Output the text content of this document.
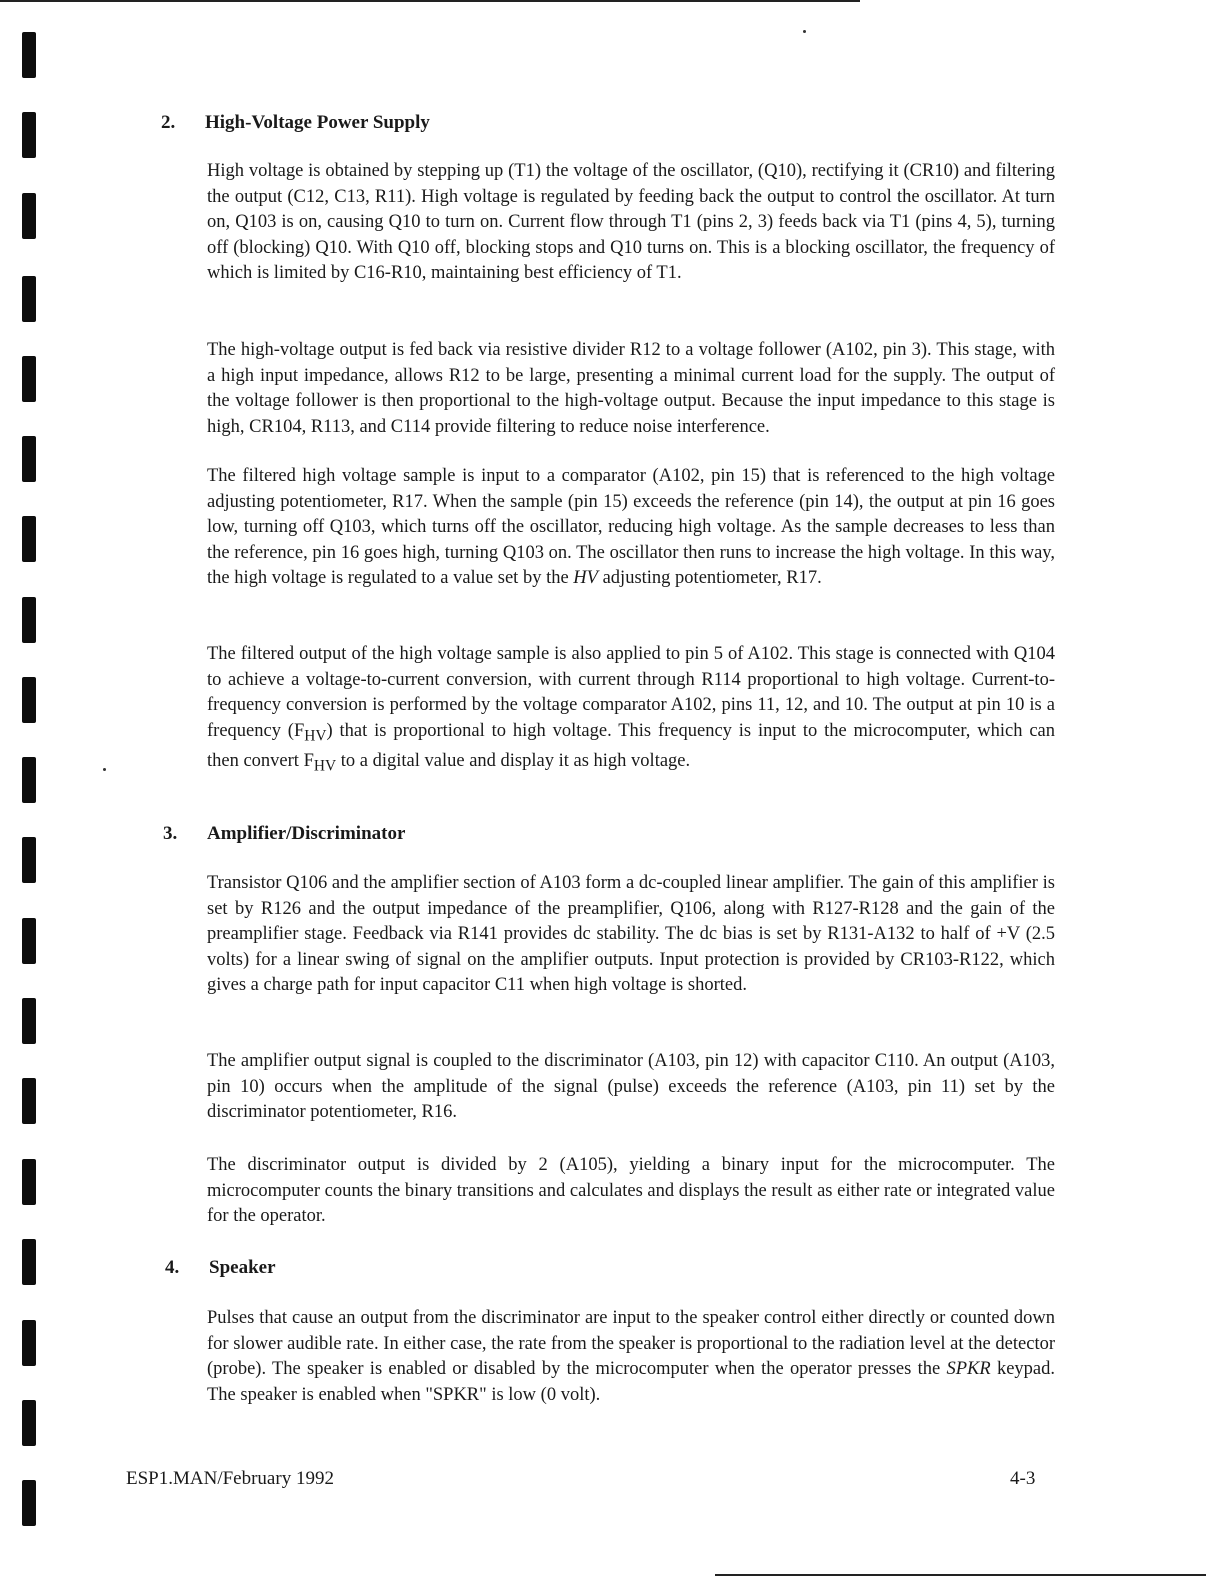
2. High-Voltage Power Supply

High voltage is obtained by stepping up (T1) the voltage of the oscillator, (Q10), rectifying it (CR10) and filtering the output (C12, C13, R11). High voltage is regulated by feeding back the output to control the oscillator. At turn on, Q103 is on, causing Q10 to turn on. Current flow through T1 (pins 2, 3) feeds back via T1 (pins 4, 5), turning off (blocking) Q10. With Q10 off, blocking stops and Q10 turns on. This is a blocking oscillator, the frequency of which is limited by C16-R10, maintaining best efficiency of T1.

The high-voltage output is fed back via resistive divider R12 to a voltage follower (A102, pin 3). This stage, with a high input impedance, allows R12 to be large, presenting a minimal current load for the supply. The output of the voltage follower is then proportional to the high-voltage output. Because the input impedance to this stage is high, CR104, R113, and C114 provide filtering to reduce noise interference.

The filtered high voltage sample is input to a comparator (A102, pin 15) that is referenced to the high voltage adjusting potentiometer, R17. When the sample (pin 15) exceeds the reference (pin 14), the output at pin 16 goes low, turning off Q103, which turns off the oscillator, reducing high voltage. As the sample decreases to less than the reference, pin 16 goes high, turning Q103 on. The oscillator then runs to increase the high voltage. In this way, the high voltage is regulated to a value set by the HV adjusting potentiometer, R17.

The filtered output of the high voltage sample is also applied to pin 5 of A102. This stage is connected with Q104 to achieve a voltage-to-current conversion, with current through R114 proportional to high voltage. Current-to-frequency conversion is performed by the voltage comparator A102, pins 11, 12, and 10. The output at pin 10 is a frequency $(F_{HV})$ that is proportional to high voltage. This frequency is input to the microcomputer, which can then convert $F_{HV}$ to a digital value and display it as high voltage.

3. Amplifier/Discriminator

Transistor Q106 and the amplifier section of A103 form a dc-coupled linear amplifier. The gain of this amplifier is set by R126 and the output impedance of the preamplifier, Q106, along with R127-R128 and the gain of the preamplifier stage. Feedback via R141 provides dc stability. The dc bias is set by R131-A132 to half of +V (2.5 volts) for a linear swing of signal on the amplifier outputs. Input protection is provided by CR103-R122, which gives a charge path for input capacitor C11 when high voltage is shorted.

The amplifier output signal is coupled to the discriminator (A103, pin 12) with capacitor C110. An output (A103, pin 10) occurs when the amplitude of the signal (pulse) exceeds the reference (A103, pin 11) set by the discriminator potentiometer, R16.

The discriminator output is divided by 2 (A105), yielding a binary input for the microcomputer. The microcomputer counts the binary transitions and calculates and displays the result as either rate or integrated value for the operator.

4. Speaker

Pulses that cause an output from the discriminator are input to the speaker control either directly or counted down for slower audible rate. In either case, the rate from the speaker is proportional to the radiation level at the detector (probe). The speaker is enabled or disabled by the microcomputer when the operator presses the SPKR keypad. The speaker is enabled when "SPKR" is low (0 volt).

ESP1.MAN/February 1992	4-3
